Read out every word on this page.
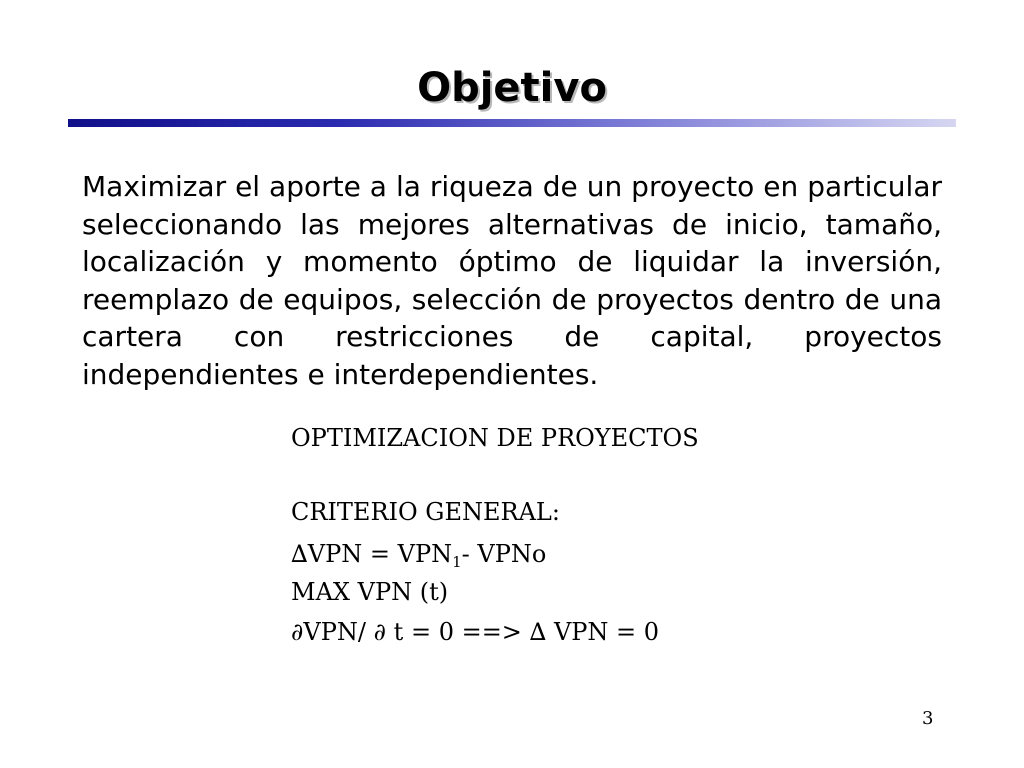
Objetivo
Maximizar el aporte a la riqueza de un proyecto en particular seleccionando las mejores alternativas de inicio, tamaño, localización y momento óptimo de liquidar la inversión, reemplazo de equipos, selección de proyectos dentro de una cartera con restricciones de capital, proyectos independientes e interdependientes.
OPTIMIZACION DE PROYECTOS
CRITERIO GENERAL:
$\Delta VPN = VPN_1-$ VPNo
MAX VPN (t)
∂VPN/ ∂ t = 0 ==> ∆ VPN = 0
3
